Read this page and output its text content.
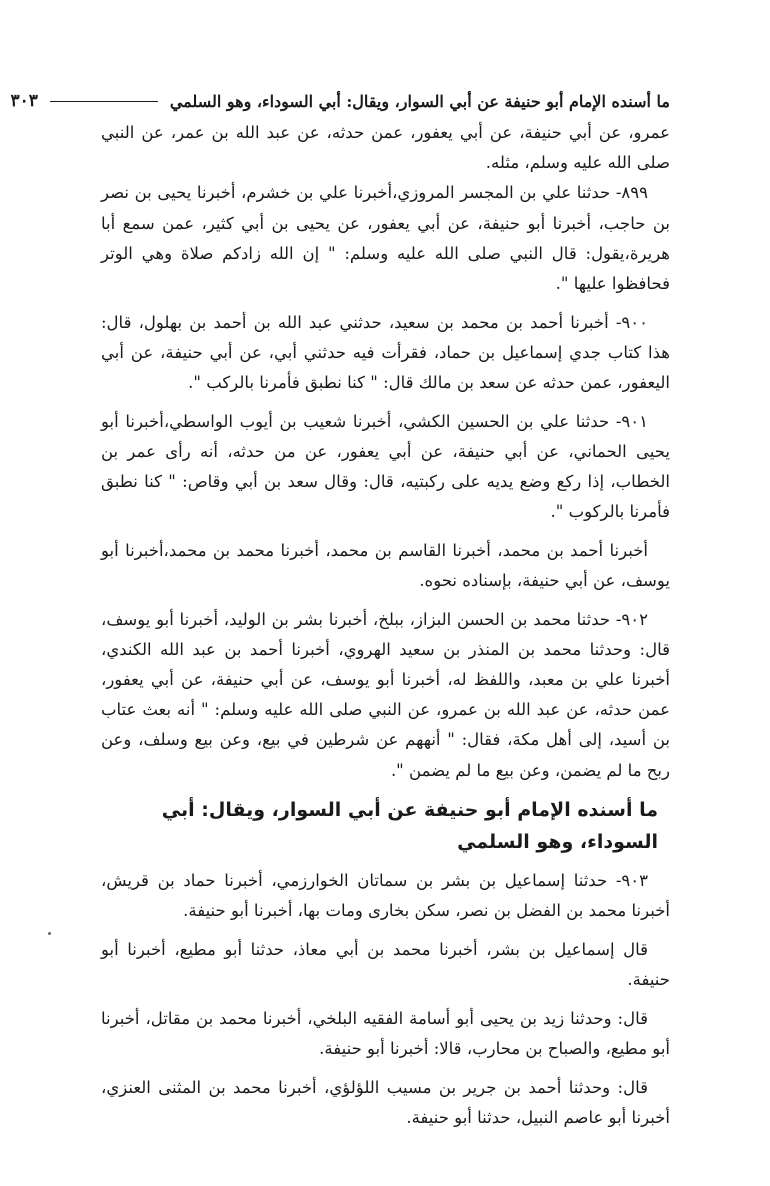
ما أسنده الإمام أبو حنيفة عن أبي السوار، ويقال: أبي السوداء، وهو السلمي
٣٠٣

عمرو، عن أبي حنيفة، عن أبي يعفور، عمن حدثه، عن عبد الله بن عمر، عن النبي صلى الله عليه وسلم، مثله.

٨٩٩- حدثنا علي بن المجسر المروزي،أخبرنا علي بن خشرم، أخبرنا يحيى بن نصر بن حاجب، أخبرنا أبو حنيفة، عن أبي يعفور، عن يحيى بن أبي كثير، عمن سمع أبا هريرة،يقول: قال النبي صلى الله عليه وسلم: " إن الله زادكم صلاة وهي الوتر فحافظوا عليها ".

٩٠٠- أخبرنا أحمد بن محمد بن سعيد، حدثني عبد الله بن أحمد بن بهلول، قال: هذا كتاب جدي إسماعيل بن حماد، فقرأت فيه حدثني أبي، عن أبي حنيفة، عن أبي اليعفور، عمن حدثه عن سعد بن مالك قال: " كنا نطبق فأمرنا بالركب ".

٩٠١- حدثنا علي بن الحسين الكشي، أخبرنا شعيب بن أيوب الواسطي،أخبرنا أبو يحيى الحماني، عن أبي حنيفة، عن أبي يعفور، عن من حدثه، أنه رأى عمر بن الخطاب، إذا ركع وضع يديه على ركبتيه، قال: وقال سعد بن أبي وقاص: " كنا نطبق فأمرنا بالركوب ".

أخبرنا أحمد بن محمد، أخبرنا القاسم بن محمد، أخبرنا محمد بن محمد،أخبرنا أبو يوسف، عن أبي حنيفة، بإسناده نحوه.

٩٠٢- حدثنا محمد بن الحسن البزاز، ببلخ، أخبرنا بشر بن الوليد، أخبرنا أبو يوسف، قال: وحدثنا محمد بن المنذر بن سعيد الهروي، أخبرنا أحمد بن عبد الله الكندي، أخبرنا علي بن معبد، واللفظ له، أخبرنا أبو يوسف، عن أبي حنيفة، عن أبي يعفور، عمن حدثه، عن عبد الله بن عمرو، عن النبي صلى الله عليه وسلم: " أنه بعث عتاب بن أسيد، إلى أهل مكة، فقال: " أنههم عن شرطين في بيع، وعن بيع وسلف، وعن ربح ما لم يضمن، وعن بيع ما لم يضمن ".

ما أسنده الإمام أبو حنيفة عن أبي السوار، ويقال: أبي السوداء، وهو السلمي

٩٠٣- حدثنا إسماعيل بن بشر بن سماتان الخوارزمي، أخبرنا حماد بن قريش، أخبرنا محمد بن الفضل بن نصر، سكن بخارى ومات بها، أخبرنا أبو حنيفة.

قال إسماعيل بن بشر، أخبرنا محمد بن أبي معاذ، حدثنا أبو مطيع، أخبرنا أبو حنيفة.

قال: وحدثنا زيد بن يحيى أبو أسامة الفقيه البلخي، أخبرنا محمد بن مقاتل، أخبرنا أبو مطيع، والصباح بن محارب، قالا: أخبرنا أبو حنيفة.

قال: وحدثنا أحمد بن جرير بن مسيب اللؤلؤي، أخبرنا محمد بن المثنى العنزي، أخبرنا أبو عاصم النبيل، حدثنا أبو حنيفة.
